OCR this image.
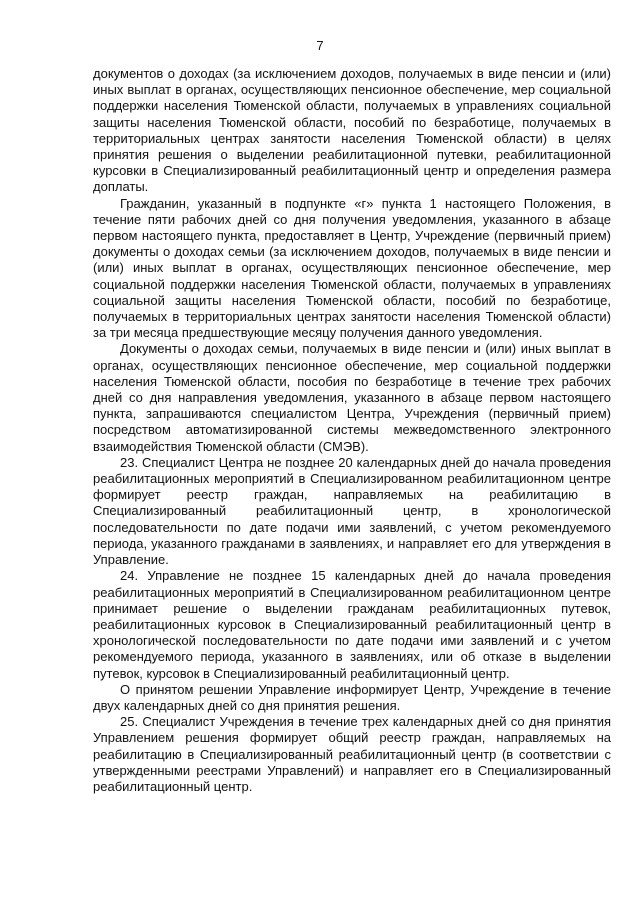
7

документов о доходах (за исключением доходов, получаемых в виде пенсии и (или) иных выплат в органах, осуществляющих пенсионное обеспечение, мер социальной поддержки населения Тюменской области, получаемых в управлениях социальной защиты населения Тюменской области, пособий по безработице, получаемых в территориальных центрах занятости населения Тюменской области) в целях принятия решения о выделении реабилитационной путевки, реабилитационной курсовки в Специализированный реабилитационный центр и определения размера доплаты.

Гражданин, указанный в подпункте «г» пункта 1 настоящего Положения, в течение пяти рабочих дней со дня получения уведомления, указанного в абзаце первом настоящего пункта, предоставляет в Центр, Учреждение (первичный прием) документы о доходах семьи (за исключением доходов, получаемых в виде пенсии и (или) иных выплат в органах, осуществляющих пенсионное обеспечение, мер социальной поддержки населения Тюменской области, получаемых в управлениях социальной защиты населения Тюменской области, пособий по безработице, получаемых в территориальных центрах занятости населения Тюменской области) за три месяца предшествующие месяцу получения данного уведомления.

Документы о доходах семьи, получаемых в виде пенсии и (или) иных выплат в органах, осуществляющих пенсионное обеспечение, мер социальной поддержки населения Тюменской области, пособия по безработице в течение трех рабочих дней со дня направления уведомления, указанного в абзаце первом настоящего пункта, запрашиваются специалистом Центра, Учреждения (первичный прием) посредством автоматизированной системы межведомственного электронного взаимодействия Тюменской области (СМЭВ).

23. Специалист Центра не позднее 20 календарных дней до начала проведения реабилитационных мероприятий в Специализированном реабилитационном центре формирует реестр граждан, направляемых на реабилитацию в Специализированный реабилитационный центр, в хронологической последовательности по дате подачи ими заявлений, с учетом рекомендуемого периода, указанного гражданами в заявлениях, и направляет его для утверждения в Управление.

24. Управление не позднее 15 календарных дней до начала проведения реабилитационных мероприятий в Специализированном реабилитационном центре принимает решение о выделении гражданам реабилитационных путевок, реабилитационных курсовок в Специализированный реабилитационный центр в хронологической последовательности по дате подачи ими заявлений и с учетом рекомендуемого периода, указанного в заявлениях, или об отказе в выделении путевок, курсовок в Специализированный реабилитационный центр.

О принятом решении Управление информирует Центр, Учреждение в течение двух календарных дней со дня принятия решения.

25. Специалист Учреждения в течение трех календарных дней со дня принятия Управлением решения формирует общий реестр граждан, направляемых на реабилитацию в Специализированный реабилитационный центр (в соответствии с утвержденными реестрами Управлений) и направляет его в Специализированный реабилитационный центр.
